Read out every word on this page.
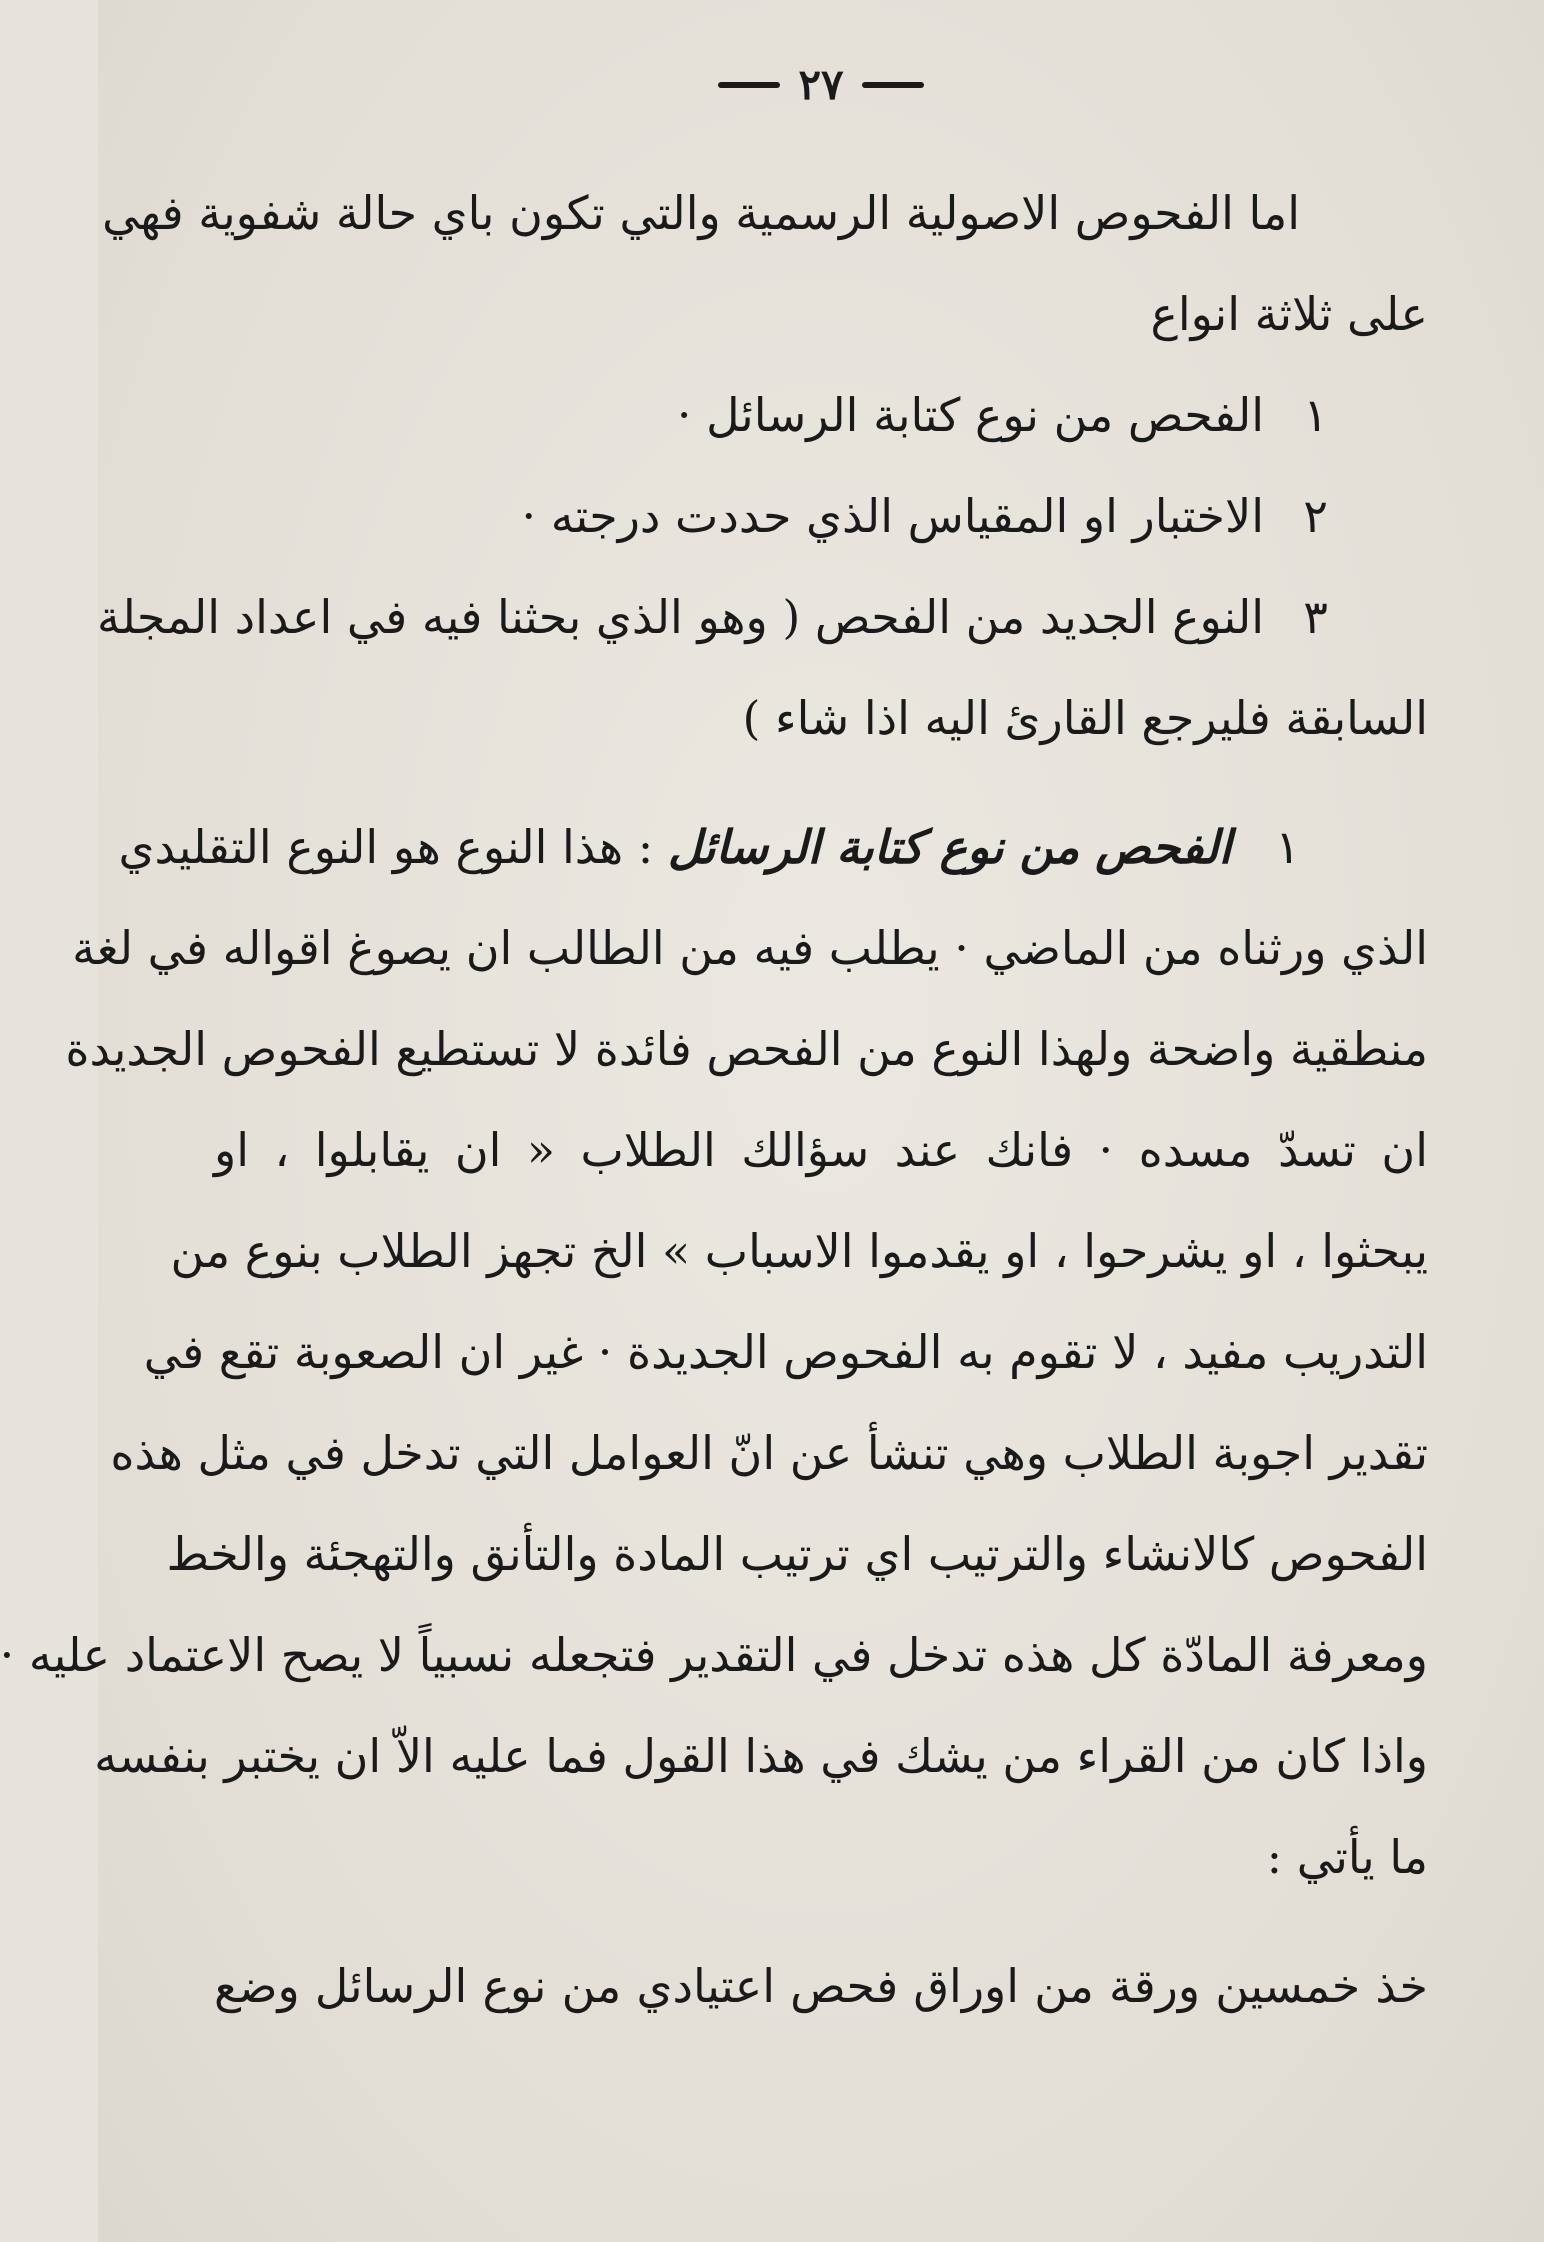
٢٧
اما الفحوص الاصولية الرسمية والتي تكون باي حالة شفوية فهي
على ثلاثة انواع
١
الفحص من نوع كتابة الرسائل ·
٢
الاختبار او المقياس الذي حددت درجته ·
٣
النوع الجديد من الفحص ( وهو الذي بحثنا فيه في اعداد المجلة
السابقة فليرجع القارئ اليه اذا شاء )
١   الفحص من نوع كتابة الرسائل : هذا النوع هو النوع التقليدي
الذي ورثناه من الماضي · يطلب فيه من الطالب ان يصوغ اقواله في لغة
منطقية واضحة ولهذا النوع من الفحص فائدة لا تستطيع الفحوص الجديدة
ان تسدّ مسده · فانك عند سؤالك الطلاب « ان يقابلوا ، او
يبحثوا ، او يشرحوا ، او يقدموا الاسباب » الخ تجهز الطلاب بنوع من
التدريب مفيد ، لا تقوم به الفحوص الجديدة · غير ان الصعوبة تقع في
تقدير اجوبة الطلاب وهي تنشأ عن انّ العوامل التي تدخل في مثل هذه
الفحوص كالانشاء والترتيب اي ترتيب المادة والتأنق والتهجئة والخط
ومعرفة المادّة كل هذه تدخل في التقدير فتجعله نسبياً لا يصح الاعتماد عليه ·
واذا كان من القراء من يشك في هذا القول فما عليه الاّ ان يختبر بنفسه
ما يأتي :
خذ خمسين ورقة من اوراق فحص اعتيادي من نوع الرسائل وضع
